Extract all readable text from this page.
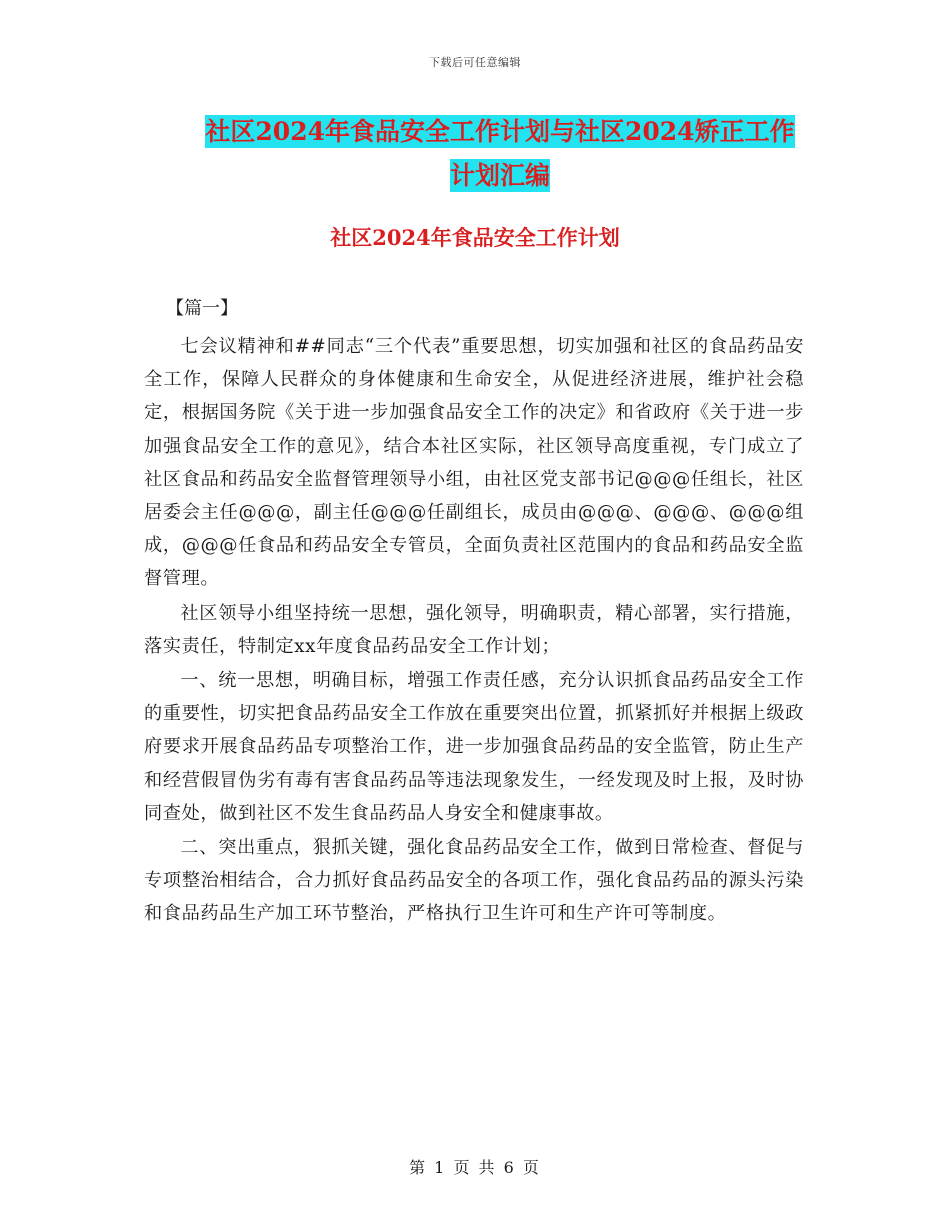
下载后可任意编辑
社区2024年食品安全工作计划与社区2024矫正工作
计划汇编
社区2024年食品安全工作计划
【篇一】

七会议精神和##同志“三个代表”重要思想，切实加强和社区的食品药品安全工作，保障人民群众的身体健康和生命安全，从促进经济进展，维护社会稳定，根据国务院《关于进一步加强食品安全工作的决定》和省政府《关于进一步加强食品安全工作的意见》，结合本社区实际，社区领导高度重视，专门成立了社区食品和药品安全监督管理领导小组，由社区党支部书记@@@任组长，社区居委会主任@@@，副主任@@@任副组长，成员由@@@、@@@、@@@组成，@@@任食品和药品安全专管员，全面负责社区范围内的食品和药品安全监督管理。

社区领导小组坚持统一思想，强化领导，明确职责，精心部署，实行措施，落实责任，特制定xx年度食品药品安全工作计划；

一、统一思想，明确目标，增强工作责任感，充分认识抓食品药品安全工作的重要性，切实把食品药品安全工作放在重要突出位置，抓紧抓好并根据上级政府要求开展食品药品专项整治工作，进一步加强食品药品的安全监管，防止生产和经营假冒伪劣有毒有害食品药品等违法现象发生，一经发现及时上报，及时协同查处，做到社区不发生食品药品人身安全和健康事故。

二、突出重点，狠抓关键，强化食品药品安全工作，做到日常检查、督促与专项整治相结合，合力抓好食品药品安全的各项工作，强化食品药品的源头污染和食品药品生产加工环节整治，严格执行卫生许可和生产许可等制度。

第 1 页 共 6 页
